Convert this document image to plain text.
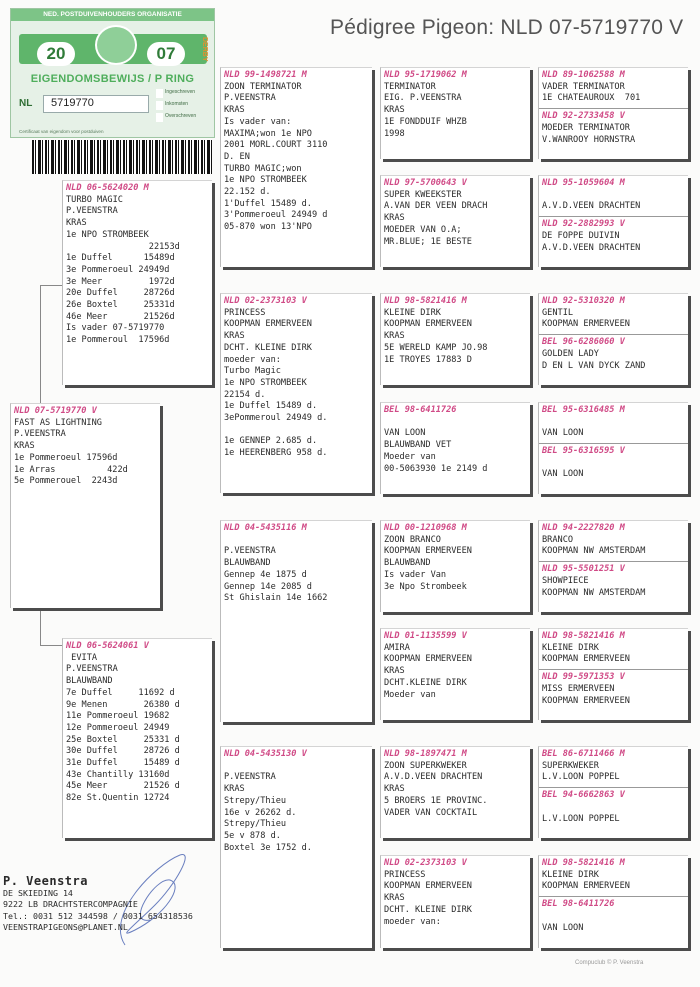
Pédigree Pigeon: NLD 07-5719770 V
NED. POSTDUIVENHOUDERS ORGANISATIE
20	07	DERBY
EIGENDOMSBEWIJS / P RING
NL 5719770
Ingeschreven
Inkomsten
Overschreven
Certificaat van eigendom voor postduiven
NLD 07-5719770 V
FAST AS LIGHTNING
P.VEENSTRA
KRAS
1e Pommeroeul 17596d
1e Arras          422d
5e Pommerouel  2243d
NLD 06-5624020 M
TURBO MAGIC
P.VEENSTRA
KRAS
1e NPO STROMBEEK
22153d
1e Duffel      15489d
3e Pommeroeul 24949d
3e Meer         1972d
20e Duffel     28726d
26e Boxtel     25331d
46e Meer       21526d
Is vader 07-5719770
1e Pommeroul  17596d
NLD 06-5624061 V
EVITA
P.VEENSTRA
BLAUWBAND
7e Duffel     11692 d
9e Menen       26380 d
11e Pommeroeul 19682
12e Pommeroeul 24949
25e Boxtel     25331 d
30e Duffel     28726 d
31e Duffel     15489 d
43e Chantilly 13160d
45e Meer       21526 d
82e St.Quentin 12724
NLD 99-1498721 M
ZOON TERMINATOR
P.VEENSTRA
KRAS
Is vader van:
MAXIMA;won 1e NPO
2001 MORL.COURT 3110
D. EN
TURBO MAGIC;won
1e NPO STROMBEEK
22.152 d.
1'Duffel 15489 d.
3'Pommeroeul 24949 d
05-870 won 13'NPO
NLD 02-2373103 V
PRINCESS
KOOPMAN ERMERVEEN
KRAS
DCHT. KLEINE DIRK
moeder van:
Turbo Magic
1e NPO STROMBEEK
22154 d.
1e Duffel 15489 d.
3ePommeroul 24949 d.
1e GENNEP 2.685 d.
1e HEERENBERG 958 d.
NLD 04-5435116 M
P.VEENSTRA
BLAUWBAND
Gennep 4e 1875 d
Gennep 14e 2085 d
St Ghislain 14e 1662
NLD 04-5435130 V
P.VEENSTRA
KRAS
Strepy/Thieu
16e v 26262 d.
Strepy/Thieu
5e v 878 d.
Boxtel 3e 1752 d.
NLD 95-1719062 M
TERMINATOR
EIG. P.VEENSTRA
KRAS
1E FONDDUIF WHZB
1998
NLD 97-5700643 V
SUPER KWEEKSTER
A.VAN DER VEEN DRACH
KRAS
MOEDER VAN O.A;
MR.BLUE; 1E BESTE
NLD 98-5821416 M
KLEINE DIRK
KOOPMAN ERMERVEEN
KRAS
5E WERELD KAMP JO.98
1E TROYES 17883 D
BEL 98-6411726
VAN LOON
BLAUWBAND VET
Moeder van
00-5063930 1e 2149 d
NLD 00-1210968 M
ZOON BRANCO
KOOPMAN ERMERVEEN
BLAUWBAND
Is vader Van
3e Npo Strombeek
NLD 01-1135599 V
AMIRA
KOOPMAN ERMERVEEN
KRAS
DCHT.KLEINE DIRK
Moeder van
NLD 98-1897471 M
ZOON SUPERKWEKER
A.V.D.VEEN DRACHTEN
KRAS
5 BROERS 1E PROVINC.
VADER VAN COCKTAIL
NLD 02-2373103 V
PRINCESS
KOOPMAN ERMERVEEN
KRAS
DCHT. KLEINE DIRK
moeder van:
NLD 89-1062588 M
VADER TERMINATOR
1E CHATEAUROUX  701
NLD 92-2733458 V
MOEDER TERMINATOR
V.WANROOY HORNSTRA
NLD 95-1059604 M
A.V.D.VEEN DRACHTEN
NLD 92-2882993 V
DE FOPPE DUIVIN
A.V.D.VEEN DRACHTEN
NLD 92-5310320 M
GENTIL
KOOPMAN ERMERVEEN
BEL 96-6286060 V
GOLDEN LADY
D EN L VAN DYCK ZAND
BEL 95-6316485 M
VAN LOON
BEL 95-6316595 V
VAN LOON
NLD 94-2227820 M
BRANCO
KOOPMAN NW AMSTERDAM
NLD 95-5501251 V
SHOWPIECE
KOOPMAN NW AMSTERDAM
NLD 98-5821416 M
KLEINE DIRK
KOOPMAN ERMERVEEN
NLD 99-5971353 V
MISS ERMERVEEN
KOOPMAN ERMERVEEN
BEL 86-6711466 M
SUPERKWEKER
L.V.LOON POPPEL
BEL 94-6662863 V
L.V.LOON POPPEL
NLD 98-5821416 M
KLEINE DIRK
KOOPMAN ERMERVEEN
BEL 98-6411726
VAN LOON
P. Veenstra
DE SKIEDING 14
9222 LB DRACHTSTERCOMPAGNIE
Tel.: 0031 512 344598 / 0031 654318536
VEENSTRAPIGEONS@PLANET.NL
Compuclub © P. Veenstra
